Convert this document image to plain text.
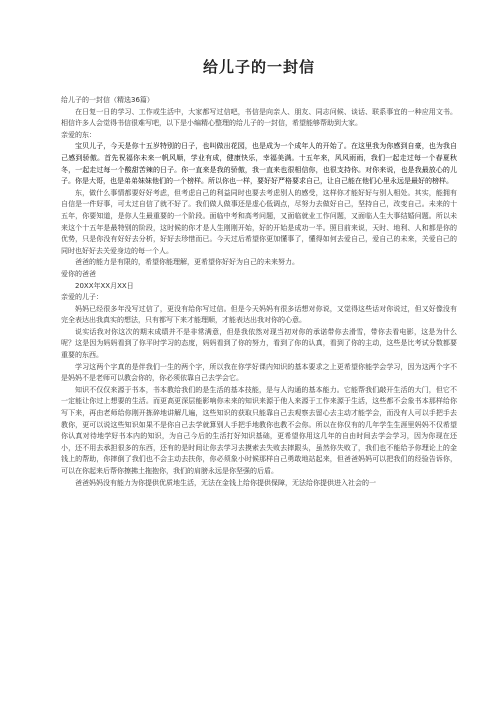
给儿子的一封信

给儿子的一封信（精选36篇）

在日复一日的学习、工作或生活中，大家都写过信吧，书信是向亲人、朋友、同志问候、谈话、联系事宜的一种应用文书。相信许多人会觉得书信很难写吧，以下是小编精心整理的给儿子的一封信，希望能够帮助到大家。

亲爱的东：

宝贝儿子，今天是你十五岁特别的日子，也叫做出花园，也是成为一个成年人的开始了。在这里我为你感到自豪，也为我自己感到骄傲。首先祝福你未来一帆风顺，学业有成，健康快乐，幸福美满。十五年来，风风雨雨，我们一起走过每一个春夏秋冬，一起走过每一个酸甜苦辣的日子。你一直来是我的骄傲，我一直来也很相信你，也很支持你。对你来说，也是我最放心的儿子。你是大哥，也是弟弟妹妹他们的一个榜样。所以你也一样，要好好严格要求自己，让自己能在他们心里永远是最好的榜样。

东，做什么事情都要好好考虑，但考虑自己的利益同时也要去考虑别人的感受，这样你才能好好与别人相处。其实，能拥有自信是一件好事，可太过自信了就不好了。我们做人做事还是虚心低调点，尽努力去做好自己，坚持自己，改变自己。未来的十五年，你要知道，是你人生最重要的一个阶段。面临中考和高考问题，又面临就业工作问题，又面临人生大事结婚问题。所以未来这个十五年是最特别的阶段，这时候的你才是人生刚刚开始，好的开始是成功一半。照目前来说，天时、地利、人和都是你的优势，只是你没有好好去分析，好好去珍惜而已。今天过后希望你更加懂事了，懂得如何去爱自己，爱自己的未来，关爱自己的同时也好好去关爱身边的每一个人。

爸爸的能力是有限的，希望你能理解，更希望你好好为自己的未来努力。

爱你的爸爸

20XX年XX月XX日

亲爱的儿子：

妈妈已经很多年没写过信了，更没有给你写过信。但是今天妈妈有很多话想对你说，又觉得这些话对你说过，但又好像没有完全表达出我真实的想法，只有都写下来才能理顺，才能表达出我对你的心意。

说实话我对你这次的期末成绩并不是非常满意，但是我依然对现当初对你的承诺带你去滑雪，带你去看电影，这是为什么呢？这是因为妈妈看到了你平时学习的态度，妈妈看到了你的努力，看到了你的认真，看到了你的主动，这些是比考试分数都要重要的东西。

学习这两个字真的是伴我们一生的两个字，所以我在你学好课内知识的基本要求之上更希望你能学会学习，因为这两个字不是妈妈不是老师可以教会你的，你必须依靠自己去学会它。

知识不仅仅来源于书本，书本教给我们的是生活的基本技能，是与人沟通的基本能力。它能帮我们敲开生活的大门，但它不一定能让你过上想要的生活。而更高更深层能影响你未来的知识来源于他人来源于工作来源于生活，这些都不会象书本那样给你写下来，再由老师给你刚开拣碎地讲解几遍，这些知识的获取只能靠自己去观察去留心去主动才能学会，而没有人可以手把手去教你，更可以说这些知识如果不是你自己去学就算别人手把手地教你也教不会你。所以在你仅有的几年学生生涯里妈妈不仅希望你认真对待地学好书本内的知识，为自己今后的生活打好知识基础，更希望你用这几年的自由时间去学会学习，因为你现在还小，还不用去承担很多的东西，还有的是时间让你去学习去摸索去失败去摔跟头，虽然你失败了，我们也不能给予你理论上的金钱上的帮助，你摔倒了我们也不会主动去扶你，你必须象小时候那样自己勇敢地站起来，但爸爸妈妈可以把我们的经验告诉你，可以在你起来后帮你擦拂土拖抱你，我们的肩膀永远是你坚强的后盾。

爸爸妈妈没有能力为你提供优质地生活，无法在金钱上给你提供保障，无法给你提供进入社会的一
